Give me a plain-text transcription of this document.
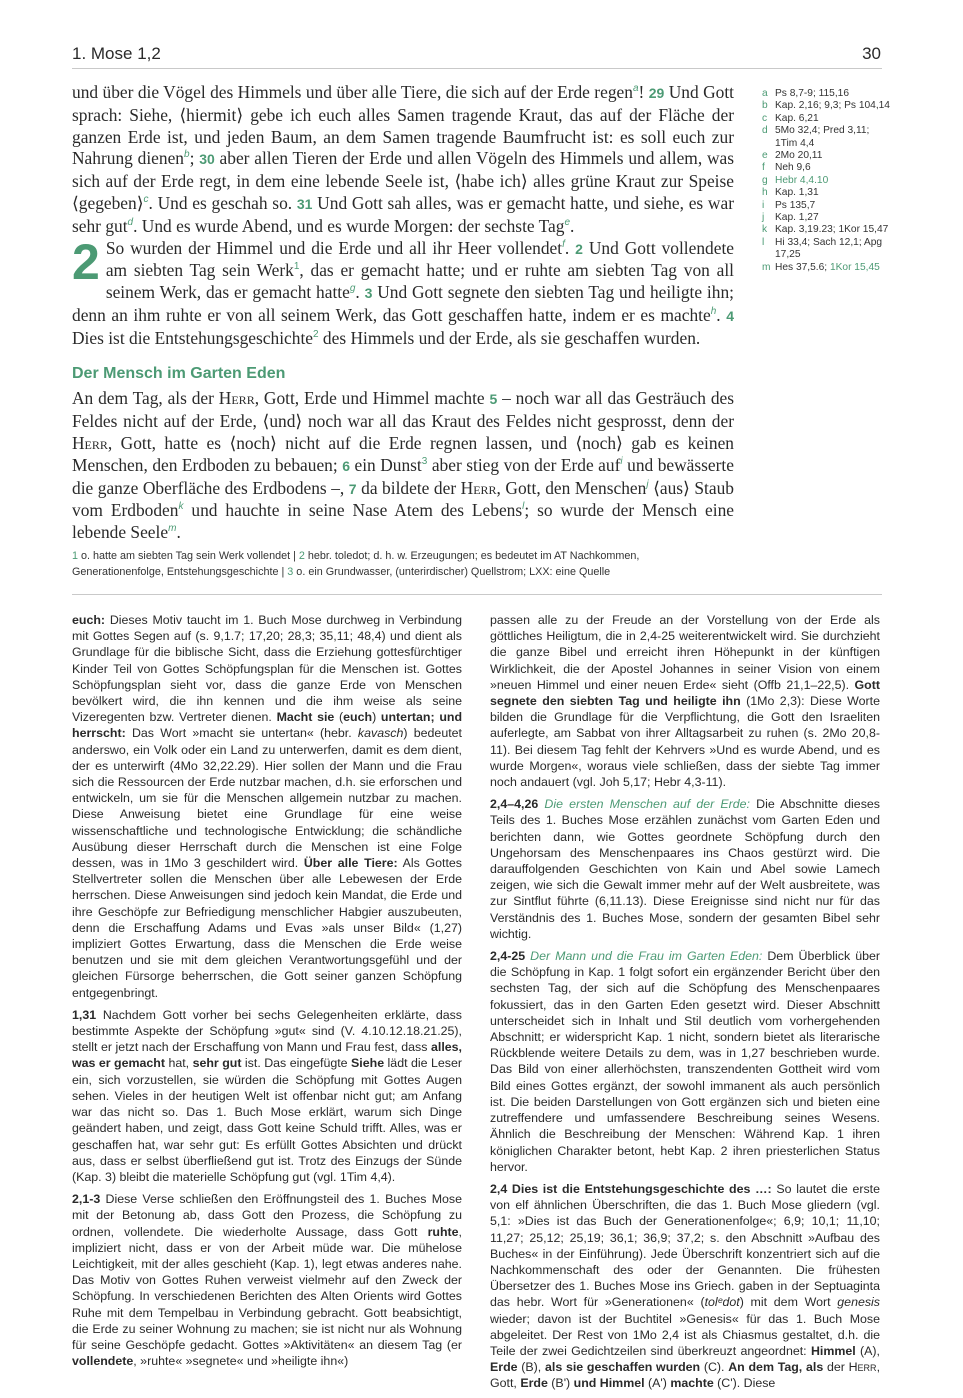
1. Mose 1,2	30

und über die Vögel des Himmels und über alle Tiere, die sich auf der Erde regen$^a$! 29 Und Gott sprach: Siehe, ⟨hiermit⟩ gebe ich euch alles Samen tragende Kraut, das auf der Fläche der ganzen Erde ist, und jeden Baum, an dem Samen tragende Baumfrucht ist: es soll euch zur Nahrung dienen$^b$; 30 aber allen Tieren der Erde und allen Vögeln des Himmels und allem, was sich auf der Erde regt, in dem eine lebende Seele ist, ⟨habe ich⟩ alles grüne Kraut zur Speise ⟨gegeben⟩$^c$. Und es geschah so. 31 Und Gott sah alles, was er gemacht hatte, und siehe, es war sehr gut$^d$. Und es wurde Abend, und es wurde Morgen: der sechste Tag$^e$.

2 So wurden der Himmel und die Erde und all ihr Heer vollendet$^f$. 2 Und Gott vollendete am siebten Tag sein Werk$^1$, das er gemacht hatte; und er ruhte am siebten Tag von all seinem Werk, das er gemacht hatte$^g$. 3 Und Gott segnete den siebten Tag und heiligte ihn; denn an ihm ruhte er von all seinem Werk, das Gott geschaffen hatte, indem er es machte$^h$. 4 Dies ist die Entstehungsgeschichte$^2$ des Himmels und der Erde, als sie geschaffen wurden.

Der Mensch im Garten Eden

An dem Tag, als der Herr, Gott, Erde und Himmel machte 5 – noch war all das Gesträuch des Feldes nicht auf der Erde, ⟨und⟩ noch war all das Kraut des Feldes nicht gesprosst, denn der Herr, Gott, hatte es ⟨noch⟩ nicht auf die Erde regnen lassen, und ⟨noch⟩ gab es keinen Menschen, den Erdboden zu bebauen; 6 ein Dunst$^3$ aber stieg von der Erde auf$^i$ und bewässerte die ganze Oberfläche des Erdbodens –, 7 da bildete der Herr, Gott, den Menschen$^j$ ⟨aus⟩ Staub vom Erdboden$^k$ und hauchte in seine Nase Atem des Lebens$^l$; so wurde der Mensch eine lebende Seele$^m$.

a Ps 8,7-9; 115,16
b Kap. 2,16; 9,3; Ps 104,14
c Kap. 6,21
d 5Mo 32,4; Pred 3,11; 1Tim 4,4
e 2Mo 20,11
f Neh 9,6
g Hebr 4,4.10
h Kap. 1,31
i	Ps 135,7
j	Kap. 1,27
k Kap. 3,19.23; 1Kor 15,47
l	Hi 33,4; Sach 12,1; Apg 17,25
m Hes 37,5.6; 1Kor 15,45
1 o. hatte am siebten Tag sein Werk vollendet | 2 hebr. toledot; d. h. w. Erzeugungen; es bedeutet im AT Nachkommen, Generationenfolge, Entstehungsgeschichte | 3 o. ein Grundwasser, (unterirdischer) Quellstrom; LXX: eine Quelle

euch: Dieses Motiv taucht im 1. Buch Mose durchweg in Verbindung mit Gottes Segen auf (s. 9,1.7; 17,20; 28,3; 35,11; 48,4) und dient als Grundlage für die biblische Sicht, dass die Erziehung gottesfürchtiger Kinder Teil von Gottes Schöpfungsplan für die Menschen ist. Gottes Schöpfungsplan sieht vor, dass die ganze Erde von Menschen bevölkert wird, die ihn kennen und die ihm weise als seine Vizeregenten bzw. Vertreter dienen. Macht sie (euch) untertan; und herrscht: Das Wort »macht sie untertan« (hebr. kavasch) bedeutet anderswo, ein Volk oder ein Land zu unterwerfen, damit es dem dient, der es unterwirft (4Mo 32,22.29). Hier sollen der Mann und die Frau sich die Ressourcen der Erde nutzbar machen, d.h. sie erforschen und entwickeln, um sie für die Menschen allgemein nutzbar zu machen. Diese Anweisung bietet eine Grundlage für eine weise wissenschaftliche und technologische Entwicklung; die schändliche Ausübung dieser Herrschaft durch die Menschen ist eine Folge dessen, was in 1Mo 3 geschildert wird. Über alle Tiere: Als Gottes Stellvertreter sollen die Menschen über alle Lebewesen der Erde herrschen. Diese Anweisungen sind jedoch kein Mandat, die Erde und ihre Geschöpfe zur Befriedigung menschlicher Habgier auszubeuten, denn die Erschaffung Adams und Evas »als unser Bild« (1,27) impliziert Gottes Erwartung, dass die Menschen die Erde weise benutzen und sie mit dem gleichen Verantwortungsgefühl und der gleichen Fürsorge beherrschen, die Gott seiner ganzen Schöpfung entgegenbringt.

1,31 Nachdem Gott vorher bei sechs Gelegenheiten erklärte, dass bestimmte Aspekte der Schöpfung »gut« sind (V. 4.10.12.18.21.25), stellt er jetzt nach der Erschaffung von Mann und Frau fest, dass alles, was er gemacht hat, sehr gut ist. Das eingefügte Siehe lädt die Leser ein, sich vorzustellen, sie würden die Schöpfung mit Gottes Augen sehen. Vieles in der heutigen Welt ist offenbar nicht gut; am Anfang war das nicht so. Das 1. Buch Mose erklärt, warum sich Dinge geändert haben, und zeigt, dass Gott keine Schuld trifft. Alles, was er geschaffen hat, war sehr gut: Es erfüllt Gottes Absichten und drückt aus, dass er selbst überfließend gut ist. Trotz des Einzugs der Sünde (Kap. 3) bleibt die materielle Schöpfung gut (vgl. 1Tim 4,4).

2,1-3 Diese Verse schließen den Eröffnungsteil des 1. Buches Mose mit der Betonung ab, dass Gott den Prozess, die Schöpfung zu ordnen, vollendete. Die wiederholte Aussage, dass Gott ruhte, impliziert nicht, dass er von der Arbeit müde war. Die mühelose Leichtigkeit, mit der alles geschieht (Kap. 1), legt etwas anderes nahe. Das Motiv von Gottes Ruhen verweist vielmehr auf den Zweck der Schöpfung. In verschiedenen Berichten des Alten Orients wird Gottes Ruhe mit dem Tempelbau in Verbindung gebracht. Gott beabsichtigt, die Erde zu seiner Wohnung zu machen; sie ist nicht nur als Wohnung für seine Geschöpfe gedacht. Gottes »Aktivitäten« an diesem Tag (er vollendete, »ruhte« »segnete« und »heiligte ihn«)

passen alle zu der Freude an der Vorstellung von der Erde als göttliches Heiligtum, die in 2,4-25 weiterentwickelt wird. Sie durchzieht die ganze Bibel und erreicht ihren Höhepunkt in der künftigen Wirklichkeit, die der Apostel Johannes in seiner Vision von einem »neuen Himmel und einer neuen Erde« sieht (Offb 21,1–22,5). Gott segnete den siebten Tag und heiligte ihn (1Mo 2,3): Diese Worte bilden die Grundlage für die Verpflichtung, die Gott den Israeliten auferlegte, am Sabbat von ihrer Alltagsarbeit zu ruhen (s. 2Mo 20,8-11). Bei diesem Tag fehlt der Kehrvers »Und es wurde Abend, und es wurde Morgen«, woraus viele schließen, dass der siebte Tag immer noch andauert (vgl. Joh 5,17; Hebr 4,3-11).

2,4–4,26 Die ersten Menschen auf der Erde: Die Abschnitte dieses Teils des 1. Buches Mose erzählen zunächst vom Garten Eden und berichten dann, wie Gottes geordnete Schöpfung durch den Ungehorsam des Menschenpaares ins Chaos gestürzt wird. Die darauffolgenden Geschichten von Kain und Abel sowie Lamech zeigen, wie sich die Gewalt immer mehr auf der Welt ausbreitete, was zur Sintflut führte (6,11.13). Diese Ereignisse sind nicht nur für das Verständnis des 1. Buches Mose, sondern der gesamten Bibel sehr wichtig.

2,4-25 Der Mann und die Frau im Garten Eden: Dem Überblick über die Schöpfung in Kap. 1 folgt sofort ein ergänzender Bericht über den sechsten Tag, der sich auf die Schöpfung des Menschenpaares fokussiert, das in den Garten Eden gesetzt wird. Dieser Abschnitt unterscheidet sich in Inhalt und Stil deutlich vom vorhergehenden Abschnitt; er widerspricht Kap. 1 nicht, sondern bietet als literarische Rückblende weitere Details zu dem, was in 1,27 beschrieben wurde. Das Bild von einer allerhöchsten, transzendenten Gottheit wird vom Bild eines Gottes ergänzt, der sowohl immanent als auch persönlich ist. Die beiden Darstellungen von Gott ergänzen sich und bieten eine zutreffendere und umfassendere Beschreibung seines Wesens. Ähnlich die Beschreibung der Menschen: Während Kap. 1 ihren königlichen Charakter betont, hebt Kap. 2 ihren priesterlichen Status hervor.

2,4 Dies ist die Entstehungsgeschichte des …: So lautet die erste von elf ähnlichen Überschriften, die das 1. Buch Mose gliedern (vgl. 5,1: »Dies ist das Buch der Generationenfolge«; 6,9; 10,1; 11,10; 11,27; 25,12; 25,19; 36,1; 36,9; 37,2; s. den Abschnitt »Aufbau des Buches« in der Einführung). Jede Überschrift konzentriert sich auf die Nachkommenschaft des oder der Genannten. Die frühesten Übersetzer des 1. Buches Mose ins Griech. gaben in der Septuaginta das hebr. Wort für »Generationen« (tolᵉdot) mit dem Wort genesis wieder; davon ist der Buchtitel »Genesis« für das 1. Buch Mose abgeleitet. Der Rest von 1Mo 2,4 ist als Chiasmus gestaltet, d.h. die Teile der zwei Gedichtzeilen sind überkreuzt angeordnet: Himmel (A), Erde (B), als sie geschaffen wurden (C). An dem Tag, als der Herr, Gott, Erde (B') und Himmel (A') machte (C'). Diese
